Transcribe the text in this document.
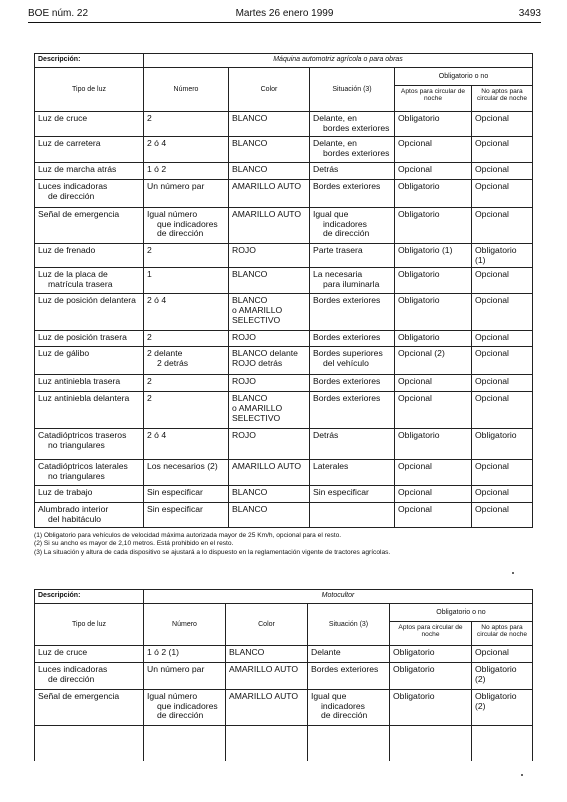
BOE núm. 22	Martes 26 enero 1999	3493
Descripción:	Máquina automotriz agrícola o para obras				
Tipo de luz	Número	Color	Situación (3)	Obligatorio o no	
				Aptos para circular de noche	No aptos para circular de noche

Luz de cruce	2	BLANCO	Delante, en
bordes exteriores	Obligatorio	Opcional

Luz de carretera	2 ó 4	BLANCO	Delante, en
bordes exteriores	Opcional	Opcional

Luz de marcha atrás	1 ó 2	BLANCO	Detrás	Opcional	Opcional

Luces indicadoras
de dirección	Un número par	AMARILLO AUTO	Bordes exteriores	Obligatorio	Opcional

Señal de emergencia	Igual número
que indicadores
de dirección	AMARILLO AUTO	Igual que
indicadores
de dirección	Obligatorio	Opcional

Luz de frenado	2	ROJO	Parte trasera	Obligatorio (1)	Obligatorio (1)

Luz de la placa de
matrícula trasera	1	BLANCO	La necesaria
para iluminarla	Obligatorio	Opcional

Luz de posición delantera	2 ó 4	BLANCO
o AMARILLO
SELECTIVO	Bordes exteriores	Obligatorio	Opcional

Luz de posición trasera	2	ROJO	Bordes exteriores	Obligatorio	Opcional

Luz de gálibo	2 delante
2 detrás	BLANCO delante
ROJO detrás	Bordes superiores
del vehículo	Opcional (2)	Opcional

Luz antiniebla trasera	2	ROJO	Bordes exteriores	Opcional	Opcional

Luz antiniebla delantera	2	BLANCO
o AMARILLO
SELECTIVO	Bordes exteriores	Opcional	Opcional

Catadióptricos traseros
no triangulares	2 ó 4	ROJO	Detrás	Obligatorio	Obligatorio

Catadióptricos laterales
no triangulares	Los necesarios (2)	AMARILLO AUTO	Laterales	Opcional	Opcional

Luz de trabajo	Sin especificar	BLANCO	Sin especificar	Opcional	Opcional

Alumbrado interior
del habitáculo	Sin especificar	BLANCO		Opcional	Opcional
(1) Obligatorio para vehículos de velocidad máxima autorizada mayor de 25 Km/h, opcional para el resto.
(2) Si su ancho es mayor de 2,10 metros. Está prohibido en el resto.
(3) La situación y altura de cada dispositivo se ajustará a lo dispuesto en la reglamentación vigente de tractores agrícolas.
Descripción:	Motocultor				
Tipo de luz	Número	Color	Situación (3)	Obligatorio o no	
				Aptos para circular de noche	No aptos para circular de noche

Luz de cruce	1 ó 2 (1)	BLANCO	Delante	Obligatorio	Opcional

Luces indicadoras
de dirección	Un número par	AMARILLO AUTO	Bordes exteriores	Obligatorio	Obligatorio (2)

Señal de emergencia	Igual número
que indicadores
de dirección	AMARILLO AUTO	Igual que
indicadores
de dirección	Obligatorio	Obligatorio (2)
